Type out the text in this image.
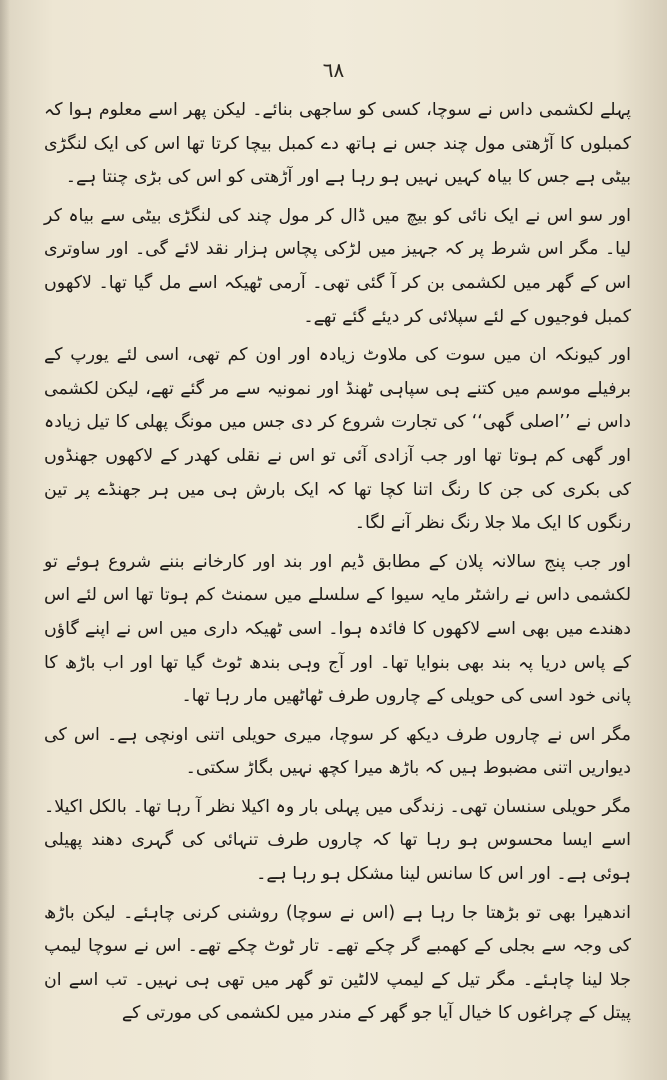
٦٨

پہلے لکشمی داس نے سوچا، کسی کو ساجھی بنائے۔ لیکن پھر اسے معلوم ہوا کہ کمبلوں کا آڑھتی مول چند جس نے ہاتھ دے کمبل بیچا کرتا تھا اس کی ایک لنگڑی بیٹی ہے جس کا بیاہ کہیں نہیں ہو رہا ہے اور آڑھتی کو اس کی بڑی چنتا ہے۔

اور سو اس نے ایک نائی کو بیچ میں ڈال کر مول چند کی لنگڑی بیٹی سے بیاہ کر لیا۔ مگر اس شرط پر کہ جہیز میں لڑکی پچاس ہزار نقد لائے گی۔ اور ساوتری اس کے گھر میں لکشمی بن کر آ گئی تھی۔ آرمی ٹھیکہ اسے مل گیا تھا۔ لاکھوں کمبل فوجیوں کے لئے سپلائی کر دیئے گئے تھے۔

اور کیونکہ ان میں سوت کی ملاوٹ زیادہ اور اون کم تھی، اسی لئے یورپ کے برفیلے موسم میں کتنے ہی سپاہی ٹھنڈ اور نمونیہ سے مر گئے تھے، لیکن لکشمی داس نے ’’اصلی گھی‘‘ کی تجارت شروع کر دی جس میں مونگ پھلی کا تیل زیادہ اور گھی کم ہوتا تھا اور جب آزادی آئی تو اس نے نقلی کھدر کے لاکھوں جھنڈوں کی بکری کی جن کا رنگ اتنا کچا تھا کہ ایک بارش ہی میں ہر جھنڈے پر تین رنگوں کا ایک ملا جلا رنگ نظر آنے لگا۔

اور جب پنج سالانہ پلان کے مطابق ڈیم اور بند اور کارخانے بننے شروع ہوئے تو لکشمی داس نے راشٹر مایہ سیوا کے سلسلے میں سمنٹ کم ہوتا تھا اس لئے اس دھندے میں بھی اسے لاکھوں کا فائدہ ہوا۔ اسی ٹھیکہ داری میں اس نے اپنے گاؤں کے پاس دریا پہ بند بھی بنوایا تھا۔ اور آج وہی بندھ ٹوٹ گیا تھا اور اب باڑھ کا پانی خود اسی کی حویلی کے چاروں طرف ٹھاٹھیں مار رہا تھا۔

مگر اس نے چاروں طرف دیکھ کر سوچا، میری حویلی اتنی اونچی ہے۔ اس کی دیواریں اتنی مضبوط ہیں کہ باڑھ میرا کچھ نہیں بگاڑ سکتی۔

مگر حویلی سنسان تھی۔ زندگی میں پہلی بار وہ اکیلا نظر آ رہا تھا۔ بالکل اکیلا۔ اسے ایسا محسوس ہو رہا تھا کہ چاروں طرف تنہائی کی گہری دھند پھیلی ہوئی ہے۔ اور اس کا سانس لینا مشکل ہو رہا ہے۔

اندھیرا بھی تو بڑھتا جا رہا ہے (اس نے سوچا) روشنی کرنی چاہئے۔ لیکن باڑھ کی وجہ سے بجلی کے کھمبے گر چکے تھے۔ تار ٹوٹ چکے تھے۔ اس نے سوچا لیمپ جلا لینا چاہئے۔ مگر تیل کے لیمپ لالٹین تو گھر میں تھی ہی نہیں۔ تب اسے ان پیتل کے چراغوں کا خیال آیا جو گھر کے مندر میں لکشمی کی مورتی کے
